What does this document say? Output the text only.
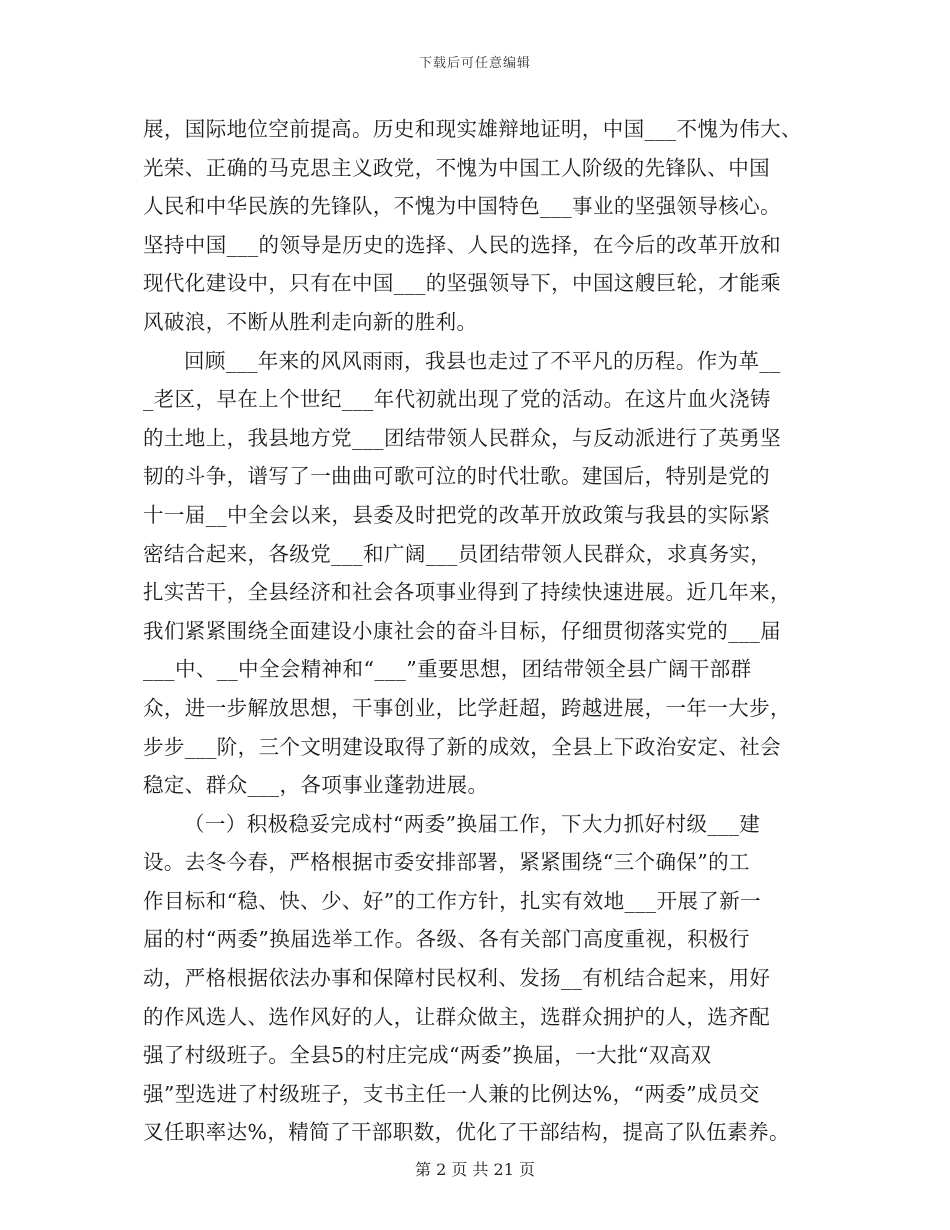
下载后可任意编辑
展，国际地位空前提高。历史和现实雄辩地证明，中国___不愧为伟大、
光荣、正确的马克思主义政党，不愧为中国工人阶级的先锋队、中国
人民和中华民族的先锋队，不愧为中国特色___事业的坚强领导核心。
坚持中国___的领导是历史的选择、人民的选择，在今后的改革开放和
现代化建设中，只有在中国___的坚强领导下，中国这艘巨轮，才能乘
风破浪，不断从胜利走向新的胜利。
回顾___年来的风风雨雨，我县也走过了不平凡的历程。作为革__
_老区，早在上个世纪___年代初就出现了党的活动。在这片血火浇铸
的土地上，我县地方党___团结带领人民群众，与反动派进行了英勇坚
韧的斗争，谱写了一曲曲可歌可泣的时代壮歌。建国后，特别是党的
十一届__中全会以来，县委及时把党的改革开放政策与我县的实际紧
密结合起来，各级党___和广阔___员团结带领人民群众，求真务实，
扎实苦干，全县经济和社会各项事业得到了持续快速进展。近几年来，
我们紧紧围绕全面建设小康社会的奋斗目标，仔细贯彻落实党的___届
___中、__中全会精神和“___”重要思想，团结带领全县广阔干部群
众，进一步解放思想，干事创业，比学赶超，跨越进展，一年一大步，
步步___阶，三个文明建设取得了新的成效，全县上下政治安定、社会
稳定、群众___，各项事业蓬勃进展。
（一）积极稳妥完成村“两委”换届工作，下大力抓好村级___建
设。去冬今春，严格根据市委安排部署，紧紧围绕“三个确保”的工
作目标和“稳、快、少、好”的工作方针，扎实有效地___开展了新一
届的村“两委”换届选举工作。各级、各有关部门高度重视，积极行
动，严格根据依法办事和保障村民权利、发扬__有机结合起来，用好
的作风选人、选作风好的人，让群众做主，选群众拥护的人，选齐配
强了村级班子。全县5的村庄完成“两委”换届，一大批“双高双
强”型选进了村级班子，支书主任一人兼的比例达%，“两委”成员交
叉任职率达%，精简了干部职数，优化了干部结构，提高了队伍素养。
第 2 页 共 21 页
